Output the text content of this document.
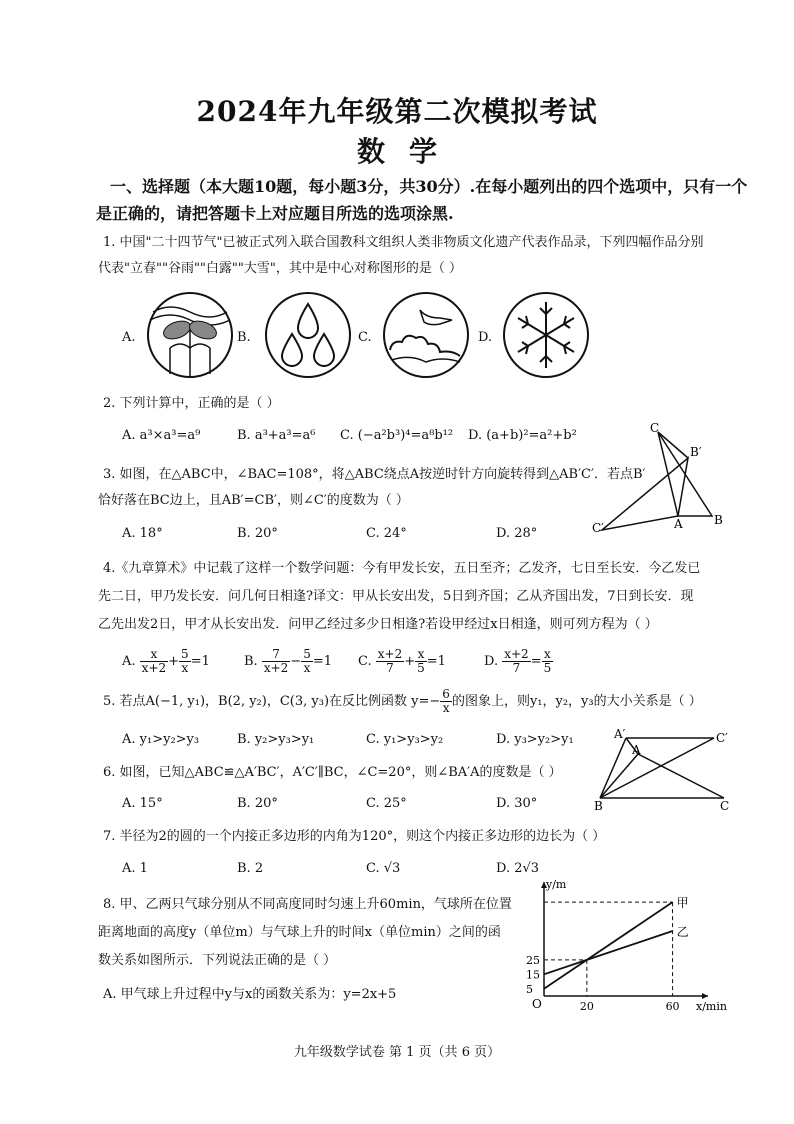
2024年九年级第二次模拟考试
数学
一、选择题（本大题10题，每小题3分，共30分）.在每小题列出的四个选项中，只有一个
是正确的，请把答题卡上对应题目所选的选项涂黑.
1. 中国"二十四节气"已被正式列入联合国教科文组织人类非物质文化遗产代表作品录，下列四幅作品分别
代表"立春""谷雨""白露""大雪"，其中是中心对称图形的是（ ）
A.	B.	C.	D.
2. 下列计算中，正确的是（ ）
A. a³×a³=a⁹	B. a³+a³=a⁶ C. (−a²b³)⁴=a⁸b¹² D. (a+b)²=a²+b²	C
B′
C′	A	B
3. 如图，在△ABC中，∠BAC=108°，将△ABC绕点A按逆时针方向旋转得到△AB′C′．若点B′
恰好落在BC边上，且AB′=CB′，则∠C′的度数为（ ）
A. 18°	B. 20°	C. 24°	D. 28°
4.《九章算术》中记载了这样一个数学问题：今有甲发长安，五日至齐；乙发齐，七日至长安．今乙发已
先二日，甲乃发长安．问几何日相逢?译文：甲从长安出发，5日到齐国；乙从齐国出发，7日到长安．现
乙先出发2日，甲才从长安出发．问甲乙经过多少日相逢?若设甲经过x日相逢，则可列方程为（ ）
A. $\frac{x}{x+2} + \frac{5}{x} =1$	B. $\frac{7}{x+2} - \frac{5}{x} =1$ C. $\frac{x+2}{7} + \frac{x}{5} =1$	D. $\frac{x+2}{7} = \frac{x}{5}$
5. 若点A(−1, y₁)，B(2, y₂)，C(3, y₃)在反比例函数 $y=- \frac{6}{x}$ 的图象上，则y₁，y₂，y₃的大小关系是（ ）
A. y₁>y₂>y₃	B. y₂>y₃>y₁	C. y₁>y₃>y₂	D. y₃>y₂>y₁	A′
A
C′
B	C
6. 如图，已知△ABC≌△A′BC′，A′C′∥BC，∠C=20°，则∠BA′A的度数是（ ）
A. 15°	B. 20°	C. 25°	D. 30°
7. 半径为2的圆的一个内接正多边形的内角为120°，则这个内接正多边形的边长为（ ）
A. 1	B. 2	C. √3	D. 2√3
8. 甲、乙两只气球分别从不同高度同时匀速上升60min，气球所在位置
距离地面的高度y（单位m）与气球上升的时间x（单位min）之间的函
数关系如图所示．下列说法正确的是（ ）
A. 甲气球上升过程中y与x的函数关系为：y=2x+5
甲
乙
y/m
x/min
O	20	60
25
15
5
九年级数学试卷 第 1 页（共 6 页）
